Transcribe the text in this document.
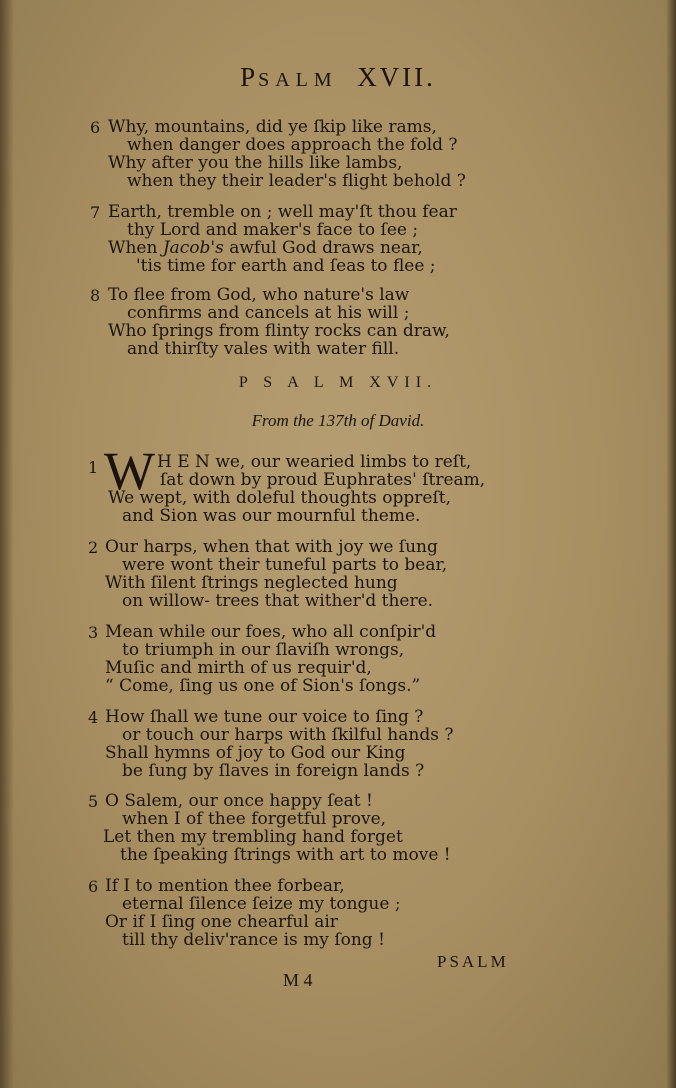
PSALM XVII.
6 Why, mountains, did ye ſkip like rams,
when danger does approach the fold ?
Why after you the hills like lambs,
when they their leader's flight behold ?
7 Earth, tremble on ; well may'ſt thou fear
thy Lord and maker's face to ſee ;
When Jacob's awful God draws near,
'tis time for earth and ſeas to flee ;
8 To flee from God, who nature's law
confirms and cancels at his will ;
Who ſprings from flinty rocks can draw,
and thirſty vales with water fill.
P S A L M XVII.
From the 137th of David.
1 W H E N we, our wearied limbs to reſt,
ſat down by proud Euphrates' ſtream,
We wept, with doleful thoughts oppreſt,
and Sion was our mournful theme.
2 Our harps, when that with joy we ſung
were wont their tuneful parts to bear,
With ſilent ſtrings neglected hung
on willow- trees that wither'd there.
3 Mean while our foes, who all conſpir'd
to triumph in our ſlaviſh wrongs,
Muſic and mirth of us requir'd,
“ Come, ſing us one of Sion's ſongs.”
4 How ſhall we tune our voice to ſing ?
or touch our harps with ſkilful hands ?
Shall hymns of joy to God our King
be ſung by ſlaves in foreign lands ?
5 O Salem, our once happy ſeat !
when I of thee forgetful prove,
Let then my trembling hand forget
the ſpeaking ſtrings with art to move !
6 If I to mention thee forbear,
eternal ſilence ſeize my tongue ;
Or if I ſing one chearful air
till thy deliv'rance is my ſong !
PSALM
M 4
